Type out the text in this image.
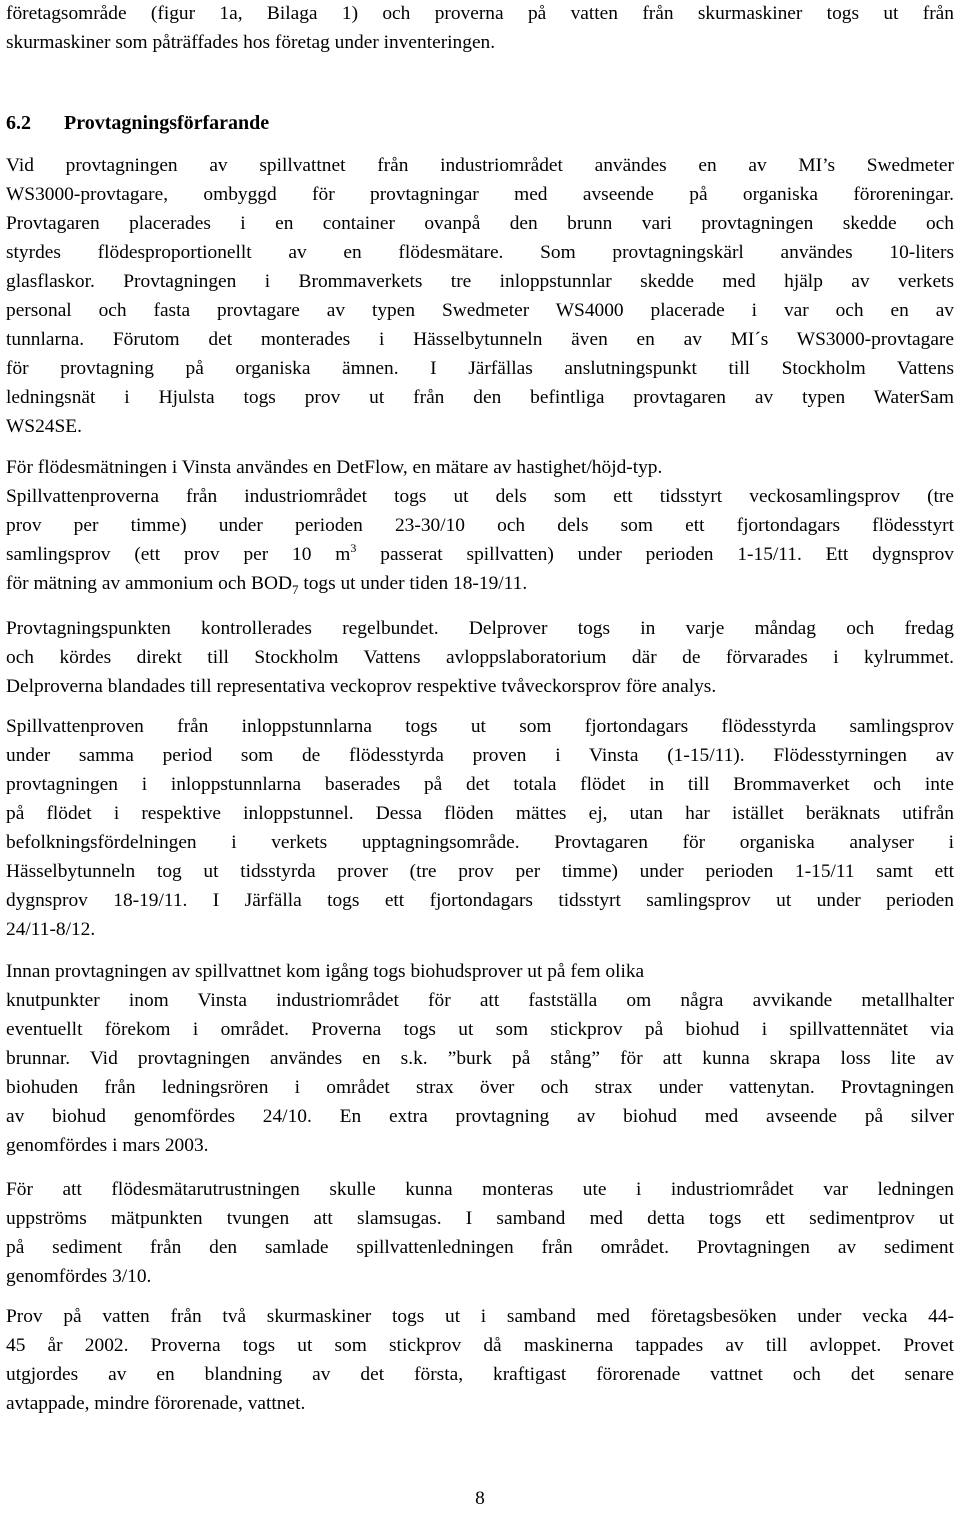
företagsområde (figur 1a, Bilaga 1) och proverna på vatten från skurmaskiner togs ut från
skurmaskiner som påträffades hos företag under inventeringen.
6.2 Provtagningsförfarande
Vid provtagningen av spillvattnet från industriområdet användes en av MI’s Swedmeter
WS3000-provtagare, ombyggd för provtagningar med avseende på organiska föroreningar.
Provtagaren placerades i en container ovanpå den brunn vari provtagningen skedde och
styrdes flödesproportionellt av en flödesmätare. Som provtagningskärl användes 10-liters
glasflaskor. Provtagningen i Brommaverkets tre inloppstunnlar skedde med hjälp av verkets
personal och fasta provtagare av typen Swedmeter WS4000 placerade i var och en av
tunnlarna. Förutom det monterades i Hässelbytunneln även en av MI´s WS3000-provtagare
för provtagning på organiska ämnen. I Järfällas anslutningspunkt till Stockholm Vattens
ledningsnät i Hjulsta togs prov ut från den befintliga provtagaren av typen WaterSam
WS24SE.
För flödesmätningen i Vinsta användes en DetFlow, en mätare av hastighet/höjd-typ.
Spillvattenproverna från industriområdet togs ut dels som ett tidsstyrt veckosamlingsprov (tre
prov per timme) under perioden 23-30/10 och dels som ett fjortondagars flödesstyrt
samlingsprov (ett prov per 10 $m^3$ passerat spillvatten) under perioden 1-15/11. Ett dygnsprov
för mätning av ammonium och $BOD_7$ togs ut under tiden 18-19/11.
Provtagningspunkten kontrollerades regelbundet. Delprover togs in varje måndag och fredag
och kördes direkt till Stockholm Vattens avloppslaboratorium där de förvarades i kylrummet.
Delproverna blandades till representativa veckoprov respektive tvåveckorsprov före analys.
Spillvattenproven från inloppstunnlarna togs ut som fjortondagars flödesstyrda samlingsprov
under samma period som de flödesstyrda proven i Vinsta (1-15/11). Flödesstyrningen av
provtagningen i inloppstunnlarna baserades på det totala flödet in till Brommaverket och inte
på flödet i respektive inloppstunnel. Dessa flöden mättes ej, utan har istället beräknats utifrån
befolkningsfördelningen i verkets upptagningsområde. Provtagaren för organiska analyser i
Hässelbytunneln tog ut tidsstyrda prover (tre prov per timme) under perioden 1-15/11 samt ett
dygnsprov 18-19/11. I Järfälla togs ett fjortondagars tidsstyrt samlingsprov ut under perioden
24/11-8/12.
Innan provtagningen av spillvattnet kom igång togs biohudsprover ut på fem olika
knutpunkter inom Vinsta industriområdet för att fastställa om några avvikande metallhalter
eventuellt förekom i området. Proverna togs ut som stickprov på biohud i spillvattennätet via
brunnar. Vid provtagningen användes en s.k. ”burk på stång” för att kunna skrapa loss lite av
biohuden från ledningsrören i området strax över och strax under vattenytan. Provtagningen
av biohud genomfördes 24/10. En extra provtagning av biohud med avseende på silver
genomfördes i mars 2003.
För att flödesmätarutrustningen skulle kunna monteras ute i industriområdet var ledningen
uppströms mätpunkten tvungen att slamsugas. I samband med detta togs ett sedimentprov ut
på sediment från den samlade spillvattenledningen från området. Provtagningen av sediment
genomfördes 3/10.
Prov på vatten från två skurmaskiner togs ut i samband med företagsbesöken under vecka 44-
45 år 2002. Proverna togs ut som stickprov då maskinerna tappades av till avloppet. Provet
utgjordes av en blandning av det första, kraftigast förorenade vattnet och det senare
avtappade, mindre förorenade, vattnet.
8
